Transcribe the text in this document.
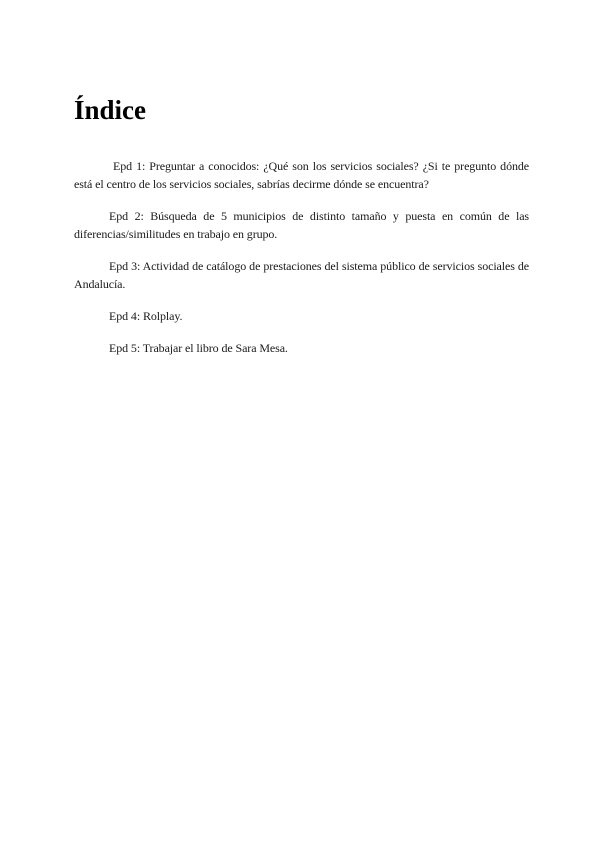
Índice

Epd 1: Preguntar a conocidos: ¿Qué son los servicios sociales? ¿Si te pregunto dónde está el centro de los servicios sociales, sabrías decirme dónde se encuentra?

Epd 2: Búsqueda de 5 municipios de distinto tamaño y puesta en común de las diferencias/similitudes en trabajo en grupo.

Epd 3: Actividad de catálogo de prestaciones del sistema público de servicios sociales de Andalucía.

Epd 4: Rolplay.

Epd 5: Trabajar el libro de Sara Mesa.
